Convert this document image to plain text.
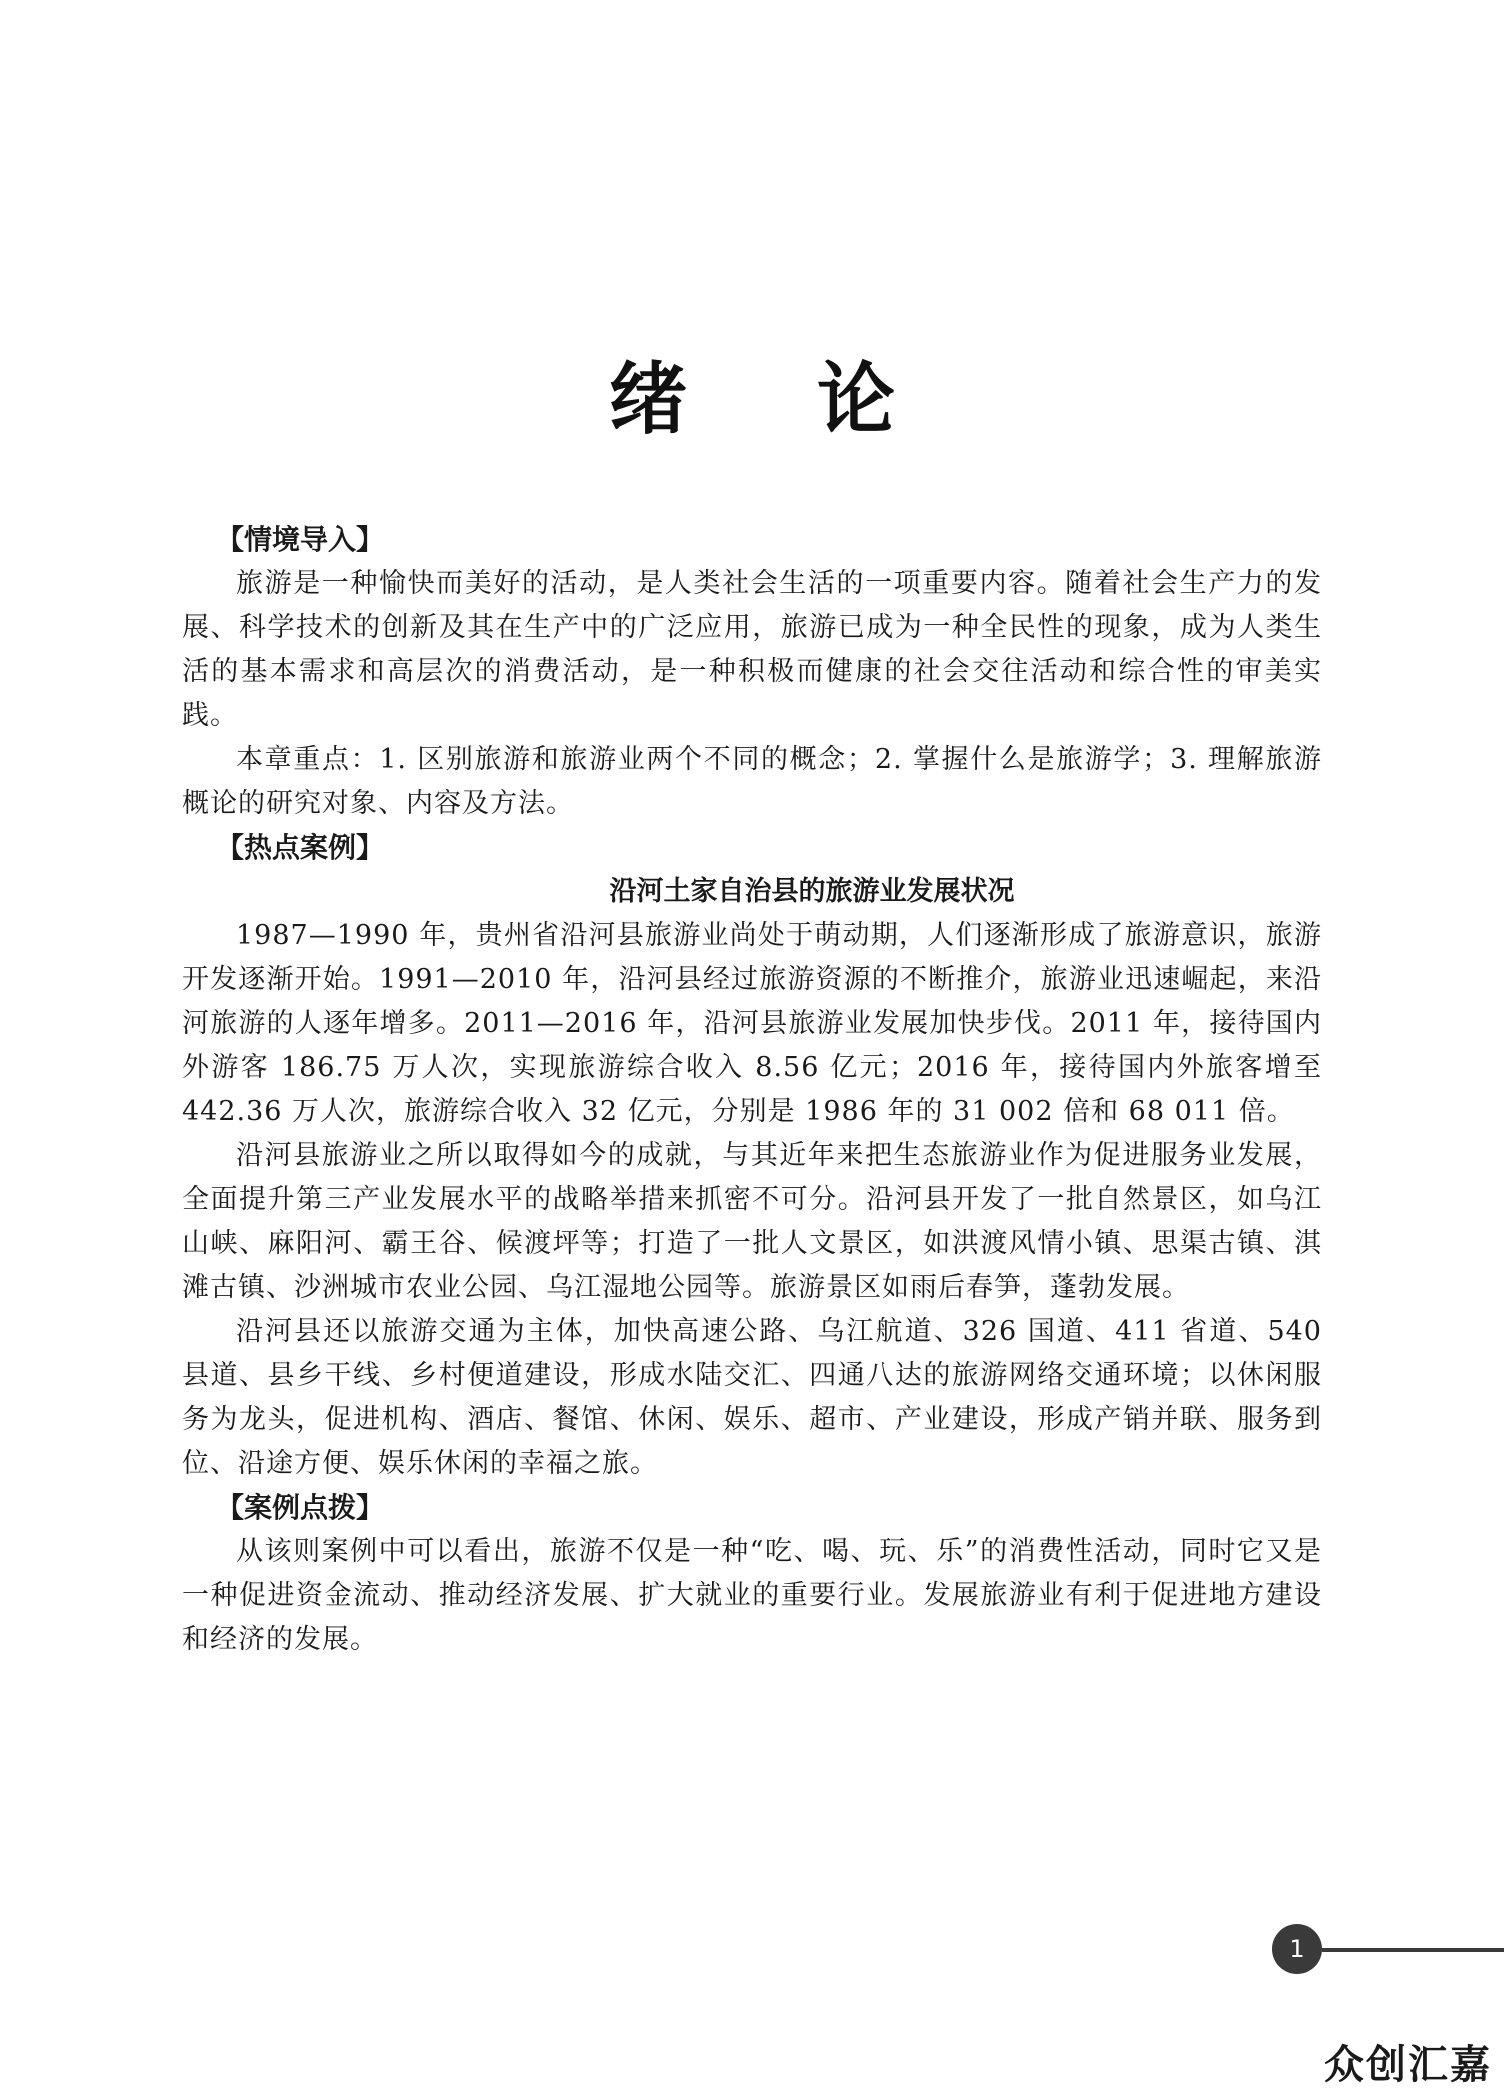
绪 论

【情境导入】

旅游是一种愉快而美好的活动，是人类社会生活的一项重要内容。随着社会生产力的发展、科学技术的创新及其在生产中的广泛应用，旅游已成为一种全民性的现象，成为人类生活的基本需求和高层次的消费活动，是一种积极而健康的社会交往活动和综合性的审美实践。

本章重点：1. 区别旅游和旅游业两个不同的概念；2. 掌握什么是旅游学；3. 理解旅游概论的研究对象、内容及方法。

【热点案例】

沿河土家自治县的旅游业发展状况

1987—1990 年，贵州省沿河县旅游业尚处于萌动期，人们逐渐形成了旅游意识，旅游开发逐渐开始。1991—2010 年，沿河县经过旅游资源的不断推介，旅游业迅速崛起，来沿河旅游的人逐年增多。2011—2016 年，沿河县旅游业发展加快步伐。2011 年，接待国内外游客 186.75 万人次，实现旅游综合收入 8.56 亿元；2016 年，接待国内外旅客增至 442.36 万人次，旅游综合收入 32 亿元，分别是 1986 年的 31 002 倍和 68 011 倍。

沿河县旅游业之所以取得如今的成就，与其近年来把生态旅游业作为促进服务业发展，全面提升第三产业发展水平的战略举措来抓密不可分。沿河县开发了一批自然景区，如乌江山峡、麻阳河、霸王谷、候渡坪等；打造了一批人文景区，如洪渡风情小镇、思渠古镇、淇滩古镇、沙洲城市农业公园、乌江湿地公园等。旅游景区如雨后春笋，蓬勃发展。

沿河县还以旅游交通为主体，加快高速公路、乌江航道、326 国道、411 省道、540 县道、县乡干线、乡村便道建设，形成水陆交汇、四通八达的旅游网络交通环境；以休闲服务为龙头，促进机构、酒店、餐馆、休闲、娱乐、超市、产业建设，形成产销并联、服务到位、沿途方便、娱乐休闲的幸福之旅。

【案例点拨】

从该则案例中可以看出，旅游不仅是一种“吃、喝、玩、乐”的消费性活动，同时它又是一种促进资金流动、推动经济发展、扩大就业的重要行业。发展旅游业有利于促进地方建设和经济的发展。

1
众创汇嘉
